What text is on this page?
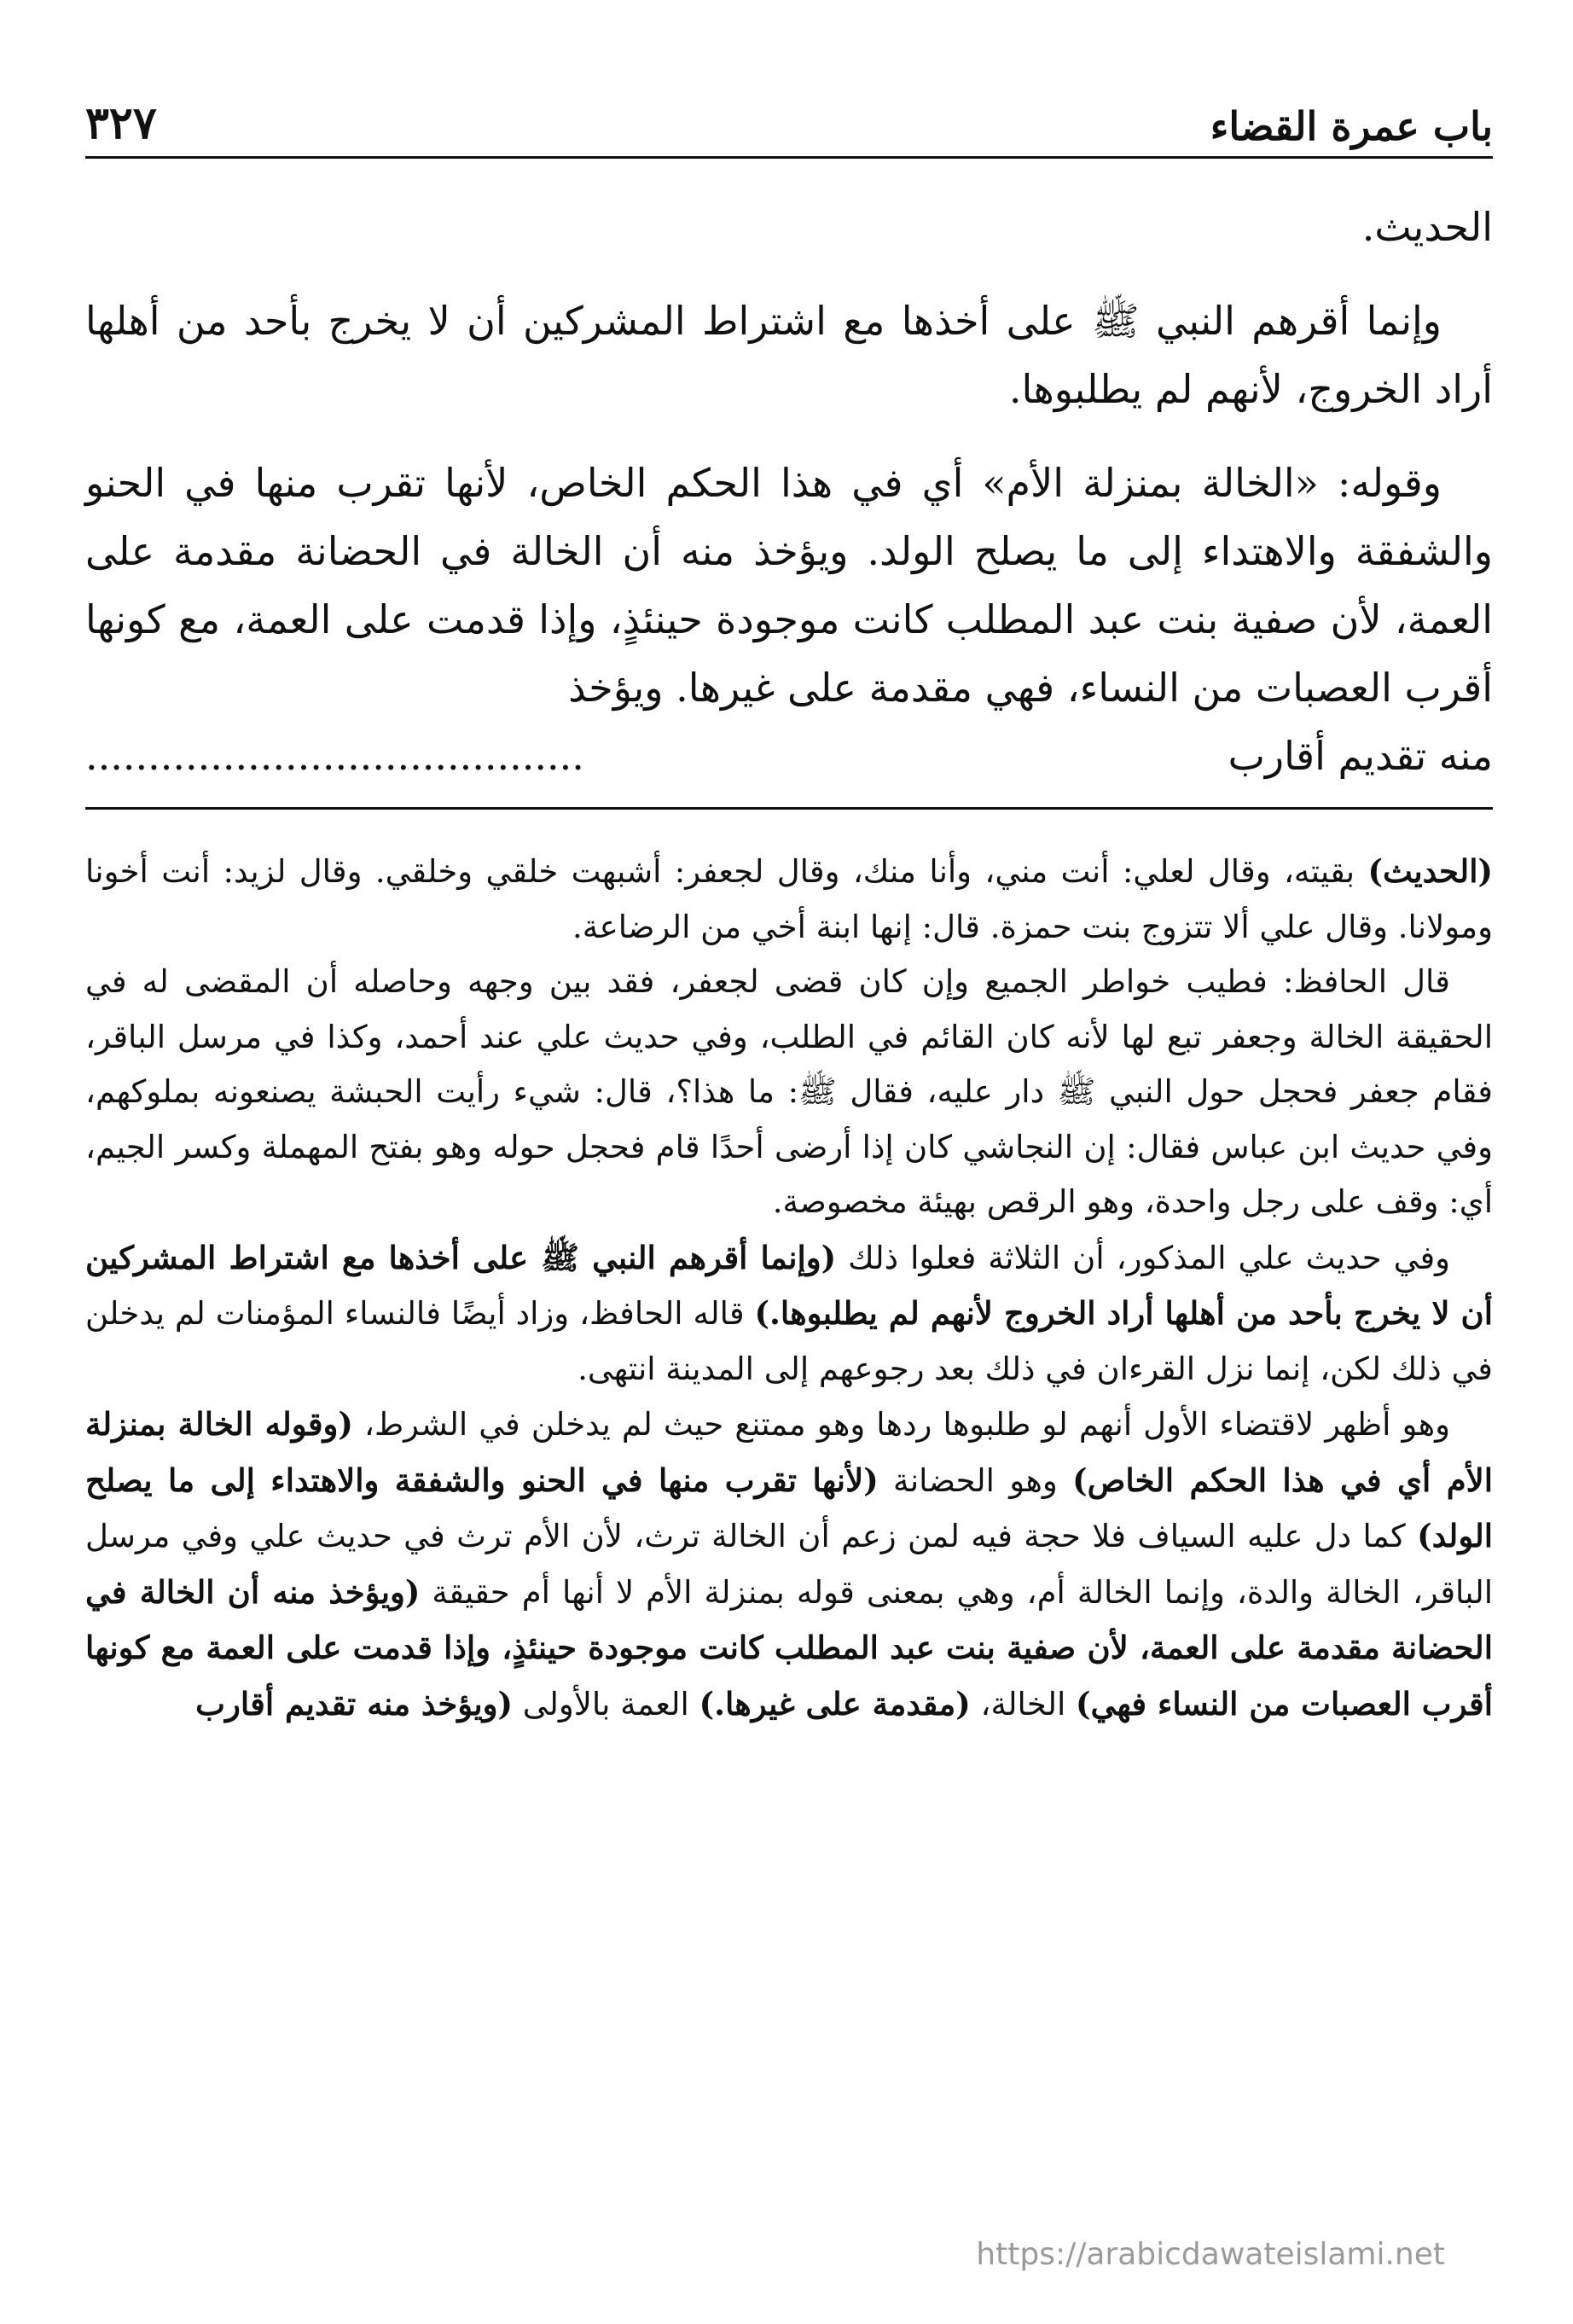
باب عمرة القضاء
٣٢٧

الحديث.

وإنما أقرهم النبي ﷺ على أخذها مع اشتراط المشركين أن لا يخرج بأحد من أهلها أراد الخروج، لأنهم لم يطلبوها.

وقوله: «الخالة بمنزلة الأم» أي في هذا الحكم الخاص، لأنها تقرب منها في الحنو والشفقة والاهتداء إلى ما يصلح الولد. ويؤخذ منه أن الخالة في الحضانة مقدمة على العمة، لأن صفية بنت عبد المطلب كانت موجودة حينئذٍ، وإذا قدمت على العمة، مع كونها أقرب العصبات من النساء، فهي مقدمة على غيرها. ويؤخذ

منه تقديم أقارب
........................................

(الحديث) بقيته، وقال لعلي: أنت مني، وأنا منك، وقال لجعفر: أشبهت خلقي وخلقي. وقال لزيد: أنت أخونا ومولانا. وقال علي ألا تتزوج بنت حمزة. قال: إنها ابنة أخي من الرضاعة.

قال الحافظ: فطيب خواطر الجميع وإن كان قضى لجعفر، فقد بين وجهه وحاصله أن المقضى له في الحقيقة الخالة وجعفر تبع لها لأنه كان القائم في الطلب، وفي حديث علي عند أحمد، وكذا في مرسل الباقر، فقام جعفر فحجل حول النبي ﷺ دار عليه، فقال ﷺ: ما هذا؟، قال: شيء رأيت الحبشة يصنعونه بملوكهم، وفي حديث ابن عباس فقال: إن النجاشي كان إذا أرضى أحدًا قام فحجل حوله وهو بفتح المهملة وكسر الجيم، أي: وقف على رجل واحدة، وهو الرقص بهيئة مخصوصة.

وفي حديث علي المذكور، أن الثلاثة فعلوا ذلك (وإنما أقرهم النبي ﷺ على أخذها مع اشتراط المشركين أن لا يخرج بأحد من أهلها أراد الخروج لأنهم لم يطلبوها.) قاله الحافظ، وزاد أيضًا فالنساء المؤمنات لم يدخلن في ذلك لكن، إنما نزل القرءان في ذلك بعد رجوعهم إلى المدينة انتهى.

وهو أظهر لاقتضاء الأول أنهم لو طلبوها ردها وهو ممتنع حيث لم يدخلن في الشرط، (وقوله الخالة بمنزلة الأم أي في هذا الحكم الخاص) وهو الحضانة (لأنها تقرب منها في الحنو والشفقة والاهتداء إلى ما يصلح الولد) كما دل عليه السياف فلا حجة فيه لمن زعم أن الخالة ترث، لأن الأم ترث في حديث علي وفي مرسل الباقر، الخالة والدة، وإنما الخالة أم، وهي بمعنى قوله بمنزلة الأم لا أنها أم حقيقة (ويؤخذ منه أن الخالة في الحضانة مقدمة على العمة، لأن صفية بنت عبد المطلب كانت موجودة حينئذٍ، وإذا قدمت على العمة مع كونها أقرب العصبات من النساء فهي) الخالة، (مقدمة على غيرها.) العمة بالأولى (ويؤخذ منه تقديم أقارب

https://arabicdawateislami.net
